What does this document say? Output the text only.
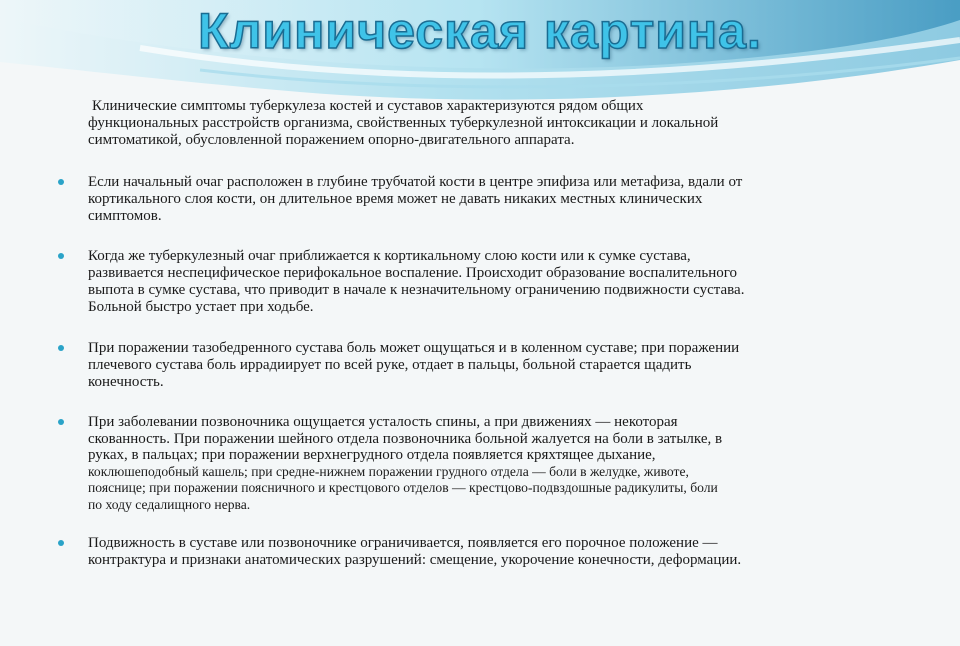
Клиническая картина.
Клинические симптомы туберкулеза костей и суставов характеризуются рядом общих
функциональных расстройств организма, свойственных туберкулезной интоксикации и локальной
симтоматикой, обусловленной поражением опорно-двигательного аппарата.
Если начальный очаг расположен в глубине трубчатой кости в центре эпифиза или метафиза, вдали от
кортикального слоя кости, он длительное время может не давать никаких местных клинических
симптомов.
Когда же туберкулезный очаг приближается к кортикальному слою кости или к сумке сустава,
развивается неспецифическое перифокальное воспаление. Происходит образование воспалительного
выпота в сумке сустава, что приводит в начале к незначительному ограничению подвижности сустава.
Больной быстро устает при ходьбе.
При поражении тазобедренного сустава боль может ощущаться и в коленном суставе; при поражении
плечевого сустава боль иррадиирует по всей руке, отдает в пальцы, больной старается щадить
конечность.
При заболевании позвоночника ощущается усталость спины, а при движениях — некоторая
скованность. При поражении шейного отдела позвоночника больной жалуется на боли в затылке, в
руках, в пальцах; при поражении верхнегрудного отдела появляется кряхтящее дыхание,
коклюшеподобный кашель; при средне-нижнем поражении грудного отдела — боли в желудке, животе,
пояснице; при поражении поясничного и крестцового отделов — крестцово-подвздошные радикулиты, боли
по ходу седалищного нерва.
Подвижность в суставе или позвоночнике ограничивается, появляется его порочное положение —
контрактура и признаки анатомических разрушений: смещение, укорочение конечности, деформации.
